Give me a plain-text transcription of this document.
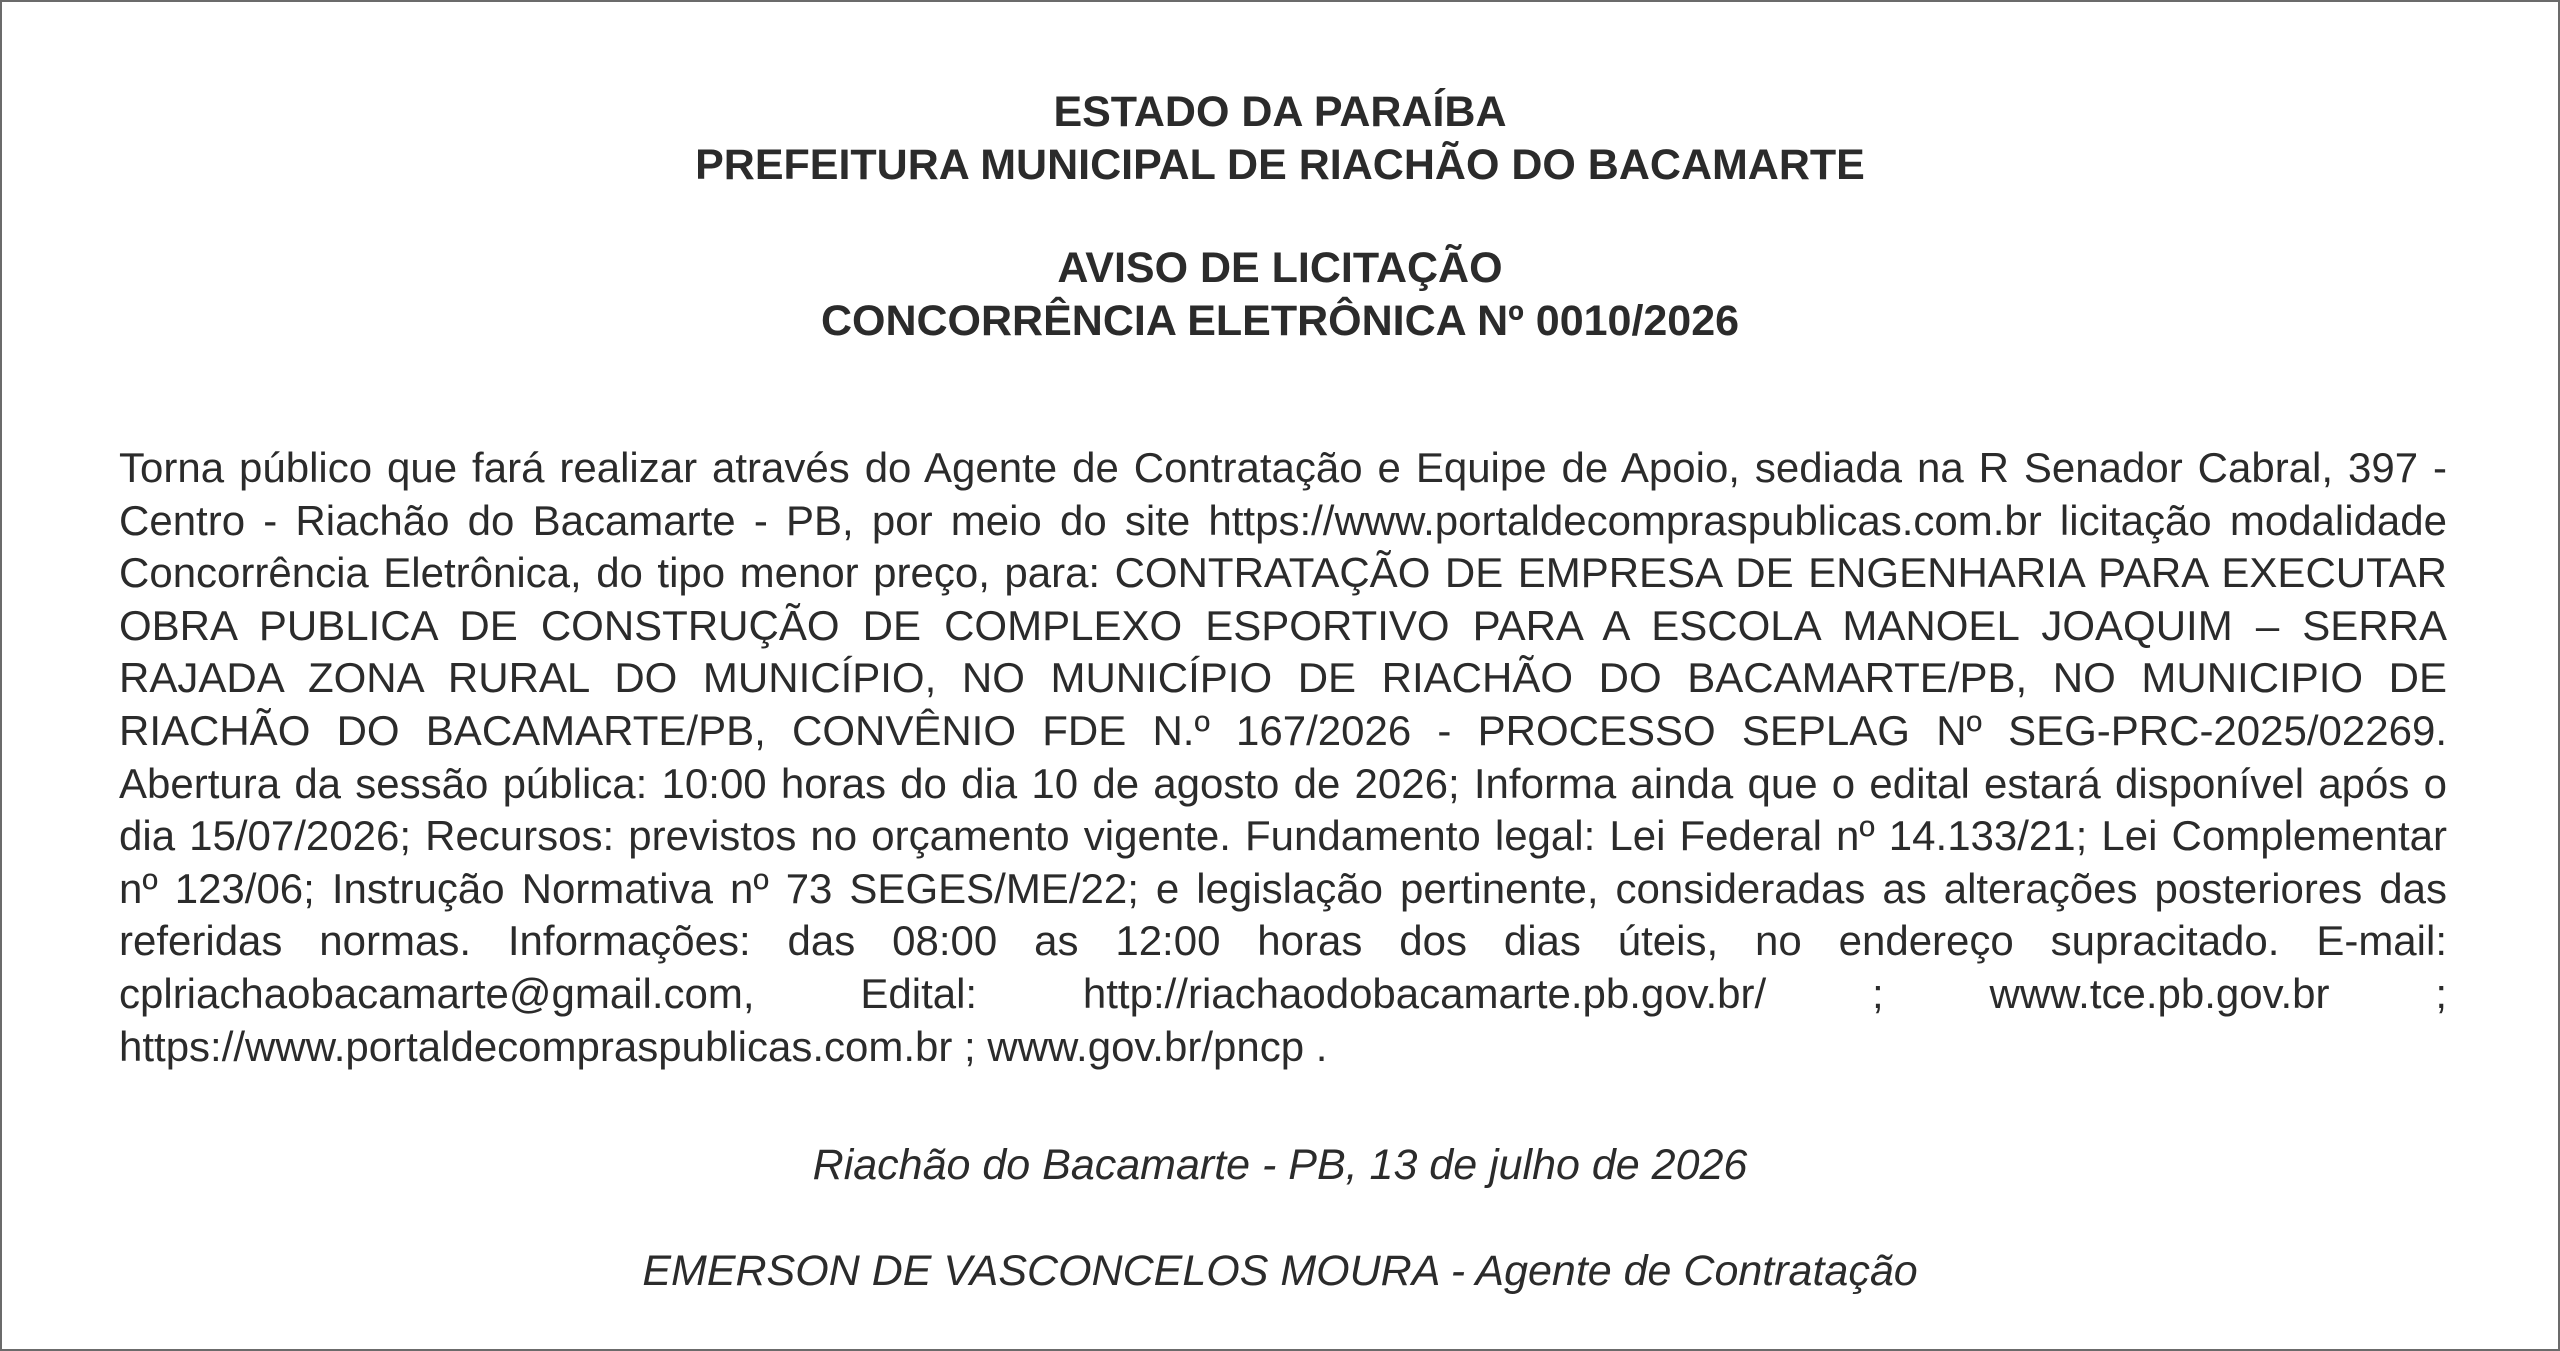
ESTADO DA PARAÍBA
PREFEITURA MUNICIPAL DE RIACHÃO DO BACAMARTE
AVISO DE LICITAÇÃO
CONCORRÊNCIA ELETRÔNICA Nº 0010/2026

Torna público que fará realizar através do Agente de Contratação e Equipe de Apoio, sediada na R Senador Cabral, 397 - Centro - Riachão do Bacamarte - PB, por meio do site https://www.portaldecompraspublicas.com.br licitação modalidade Concorrência Eletrônica, do tipo menor preço, para: CONTRATAÇÃO DE EMPRESA DE ENGENHARIA PARA EXECUTAR OBRA PUBLICA DE CONSTRUÇÃO DE COMPLEXO ESPORTIVO PARA A ESCOLA MANOEL JOAQUIM – SERRA RAJADA ZONA RURAL DO MUNICÍPIO, NO MUNICÍPIO DE RIACHÃO DO BACAMARTE/PB, NO MUNICIPIO DE RIACHÃO DO BACAMARTE/PB, CONVÊNIO FDE N.º 167/2026 - PROCESSO SEPLAG Nº SEG-PRC-2025/02269. Abertura da sessão pública: 10:00 horas do dia 10 de agosto de 2026; Informa ainda que o edital estará disponível após o dia 15/07/2026; Recursos: previstos no orçamento vigente. Fundamento legal: Lei Federal nº 14.133/21; Lei Complementar nº 123/06; Instrução Normativa nº 73 SEGES/ME/22; e legislação pertinente, consideradas as alterações posteriores das referidas normas. Informações: das 08:00 as 12:00 horas dos dias úteis, no endereço supracitado. E-mail: cplriachaobacamarte@gmail.com, Edital: http://riachaodobacamarte.pb.gov.br/ ; www.tce.pb.gov.br ; https://www.portaldecompraspublicas.com.br ; www.gov.br/pncp .

Riachão do Bacamarte - PB, 13 de julho de 2026
EMERSON DE VASCONCELOS MOURA - Agente de Contratação
